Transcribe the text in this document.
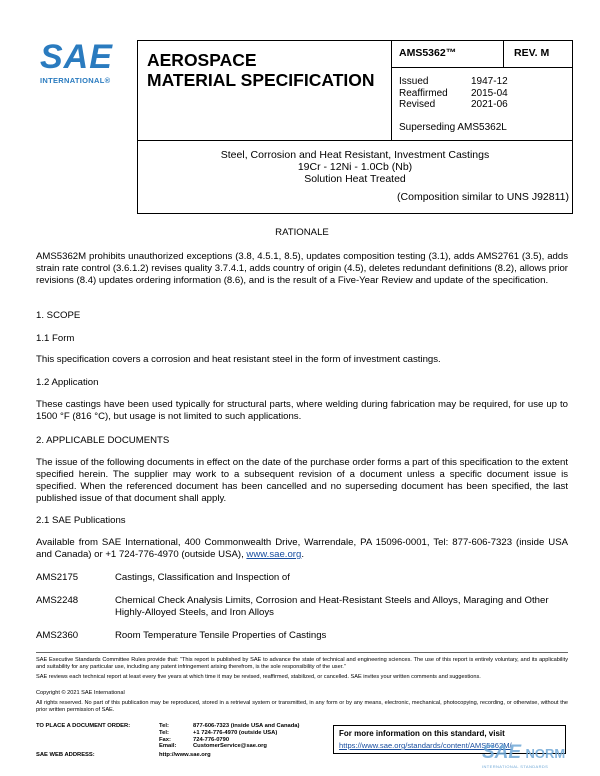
SAE
INTERNATIONAL®
AEROSPACE
MATERIAL SPECIFICATION
AMS5362™	REV. M
Issued	1947-12
Reaffirmed	2015-04
Revised	2021-06
Superseding AMS5362L
Steel, Corrosion and Heat Resistant, Investment Castings
19Cr - 12Ni - 1.0Cb (Nb)
Solution Heat Treated
(Composition similar to UNS J92811)
RATIONALE
AMS5362M prohibits unauthorized exceptions (3.8, 4.5.1, 8.5), updates composition testing (3.1), adds AMS2761 (3.5), adds strain rate control (3.6.1.2) revises quality 3.7.4.1, adds country of origin (4.5), deletes redundant definitions (8.2), allows prior revisions (8.4) updates ordering information (8.6), and is the result of a Five-Year Review and update of the specification.
1. SCOPE
1.1 Form
This specification covers a corrosion and heat resistant steel in the form of investment castings.
1.2 Application
These castings have been used typically for structural parts, where welding during fabrication may be required, for use up to 1500 °F (816 °C), but usage is not limited to such applications.
2. APPLICABLE DOCUMENTS
The issue of the following documents in effect on the date of the purchase order forms a part of this specification to the extent specified herein. The supplier may work to a subsequent revision of a document unless a specific document issue is specified. When the referenced document has been cancelled and no superseding document has been specified, the last published issue of that document shall apply.
2.1 SAE Publications
Available from SAE International, 400 Commonwealth Drive, Warrendale, PA 15096-0001, Tel: 877-606-7323 (inside USA and Canada) or +1 724-776-4970 (outside USA), www.sae.org.
AMS2175	Castings, Classification and Inspection of
AMS2248	Chemical Check Analysis Limits, Corrosion and Heat-Resistant Steels and Alloys, Maraging and Other Highly-Alloyed Steels, and Iron Alloys
AMS2360	Room Temperature Tensile Properties of Castings
SAE Executive Standards Committee Rules provide that: “This report is published by SAE to advance the state of technical and engineering sciences. The use of this report is entirely voluntary, and its applicability and suitability for any particular use, including any patent infringement arising therefrom, is the sole responsibility of the user.”
SAE reviews each technical report at least every five years at which time it may be revised, reaffirmed, stabilized, or cancelled. SAE invites your written comments and suggestions.
Copyright © 2021 SAE International
All rights reserved. No part of this publication may be reproduced, stored in a retrieval system or transmitted, in any form or by any means, electronic, mechanical, photocopying, recording, or otherwise, without the prior written permission of SAE.
TO PLACE A DOCUMENT ORDER:	Tel:	877-606-7323 (inside USA and Canada)
Tel:	+1 724-776-4970 (outside USA)
Fax:	724-776-0790
Email:	CustomerService@sae.org
SAE WEB ADDRESS:	http://www.sae.org
For more information on this standard, visit
https://www.sae.org/standards/content/AMS5362M/
SAE NORM
INTERNATIONAL STANDARDS
